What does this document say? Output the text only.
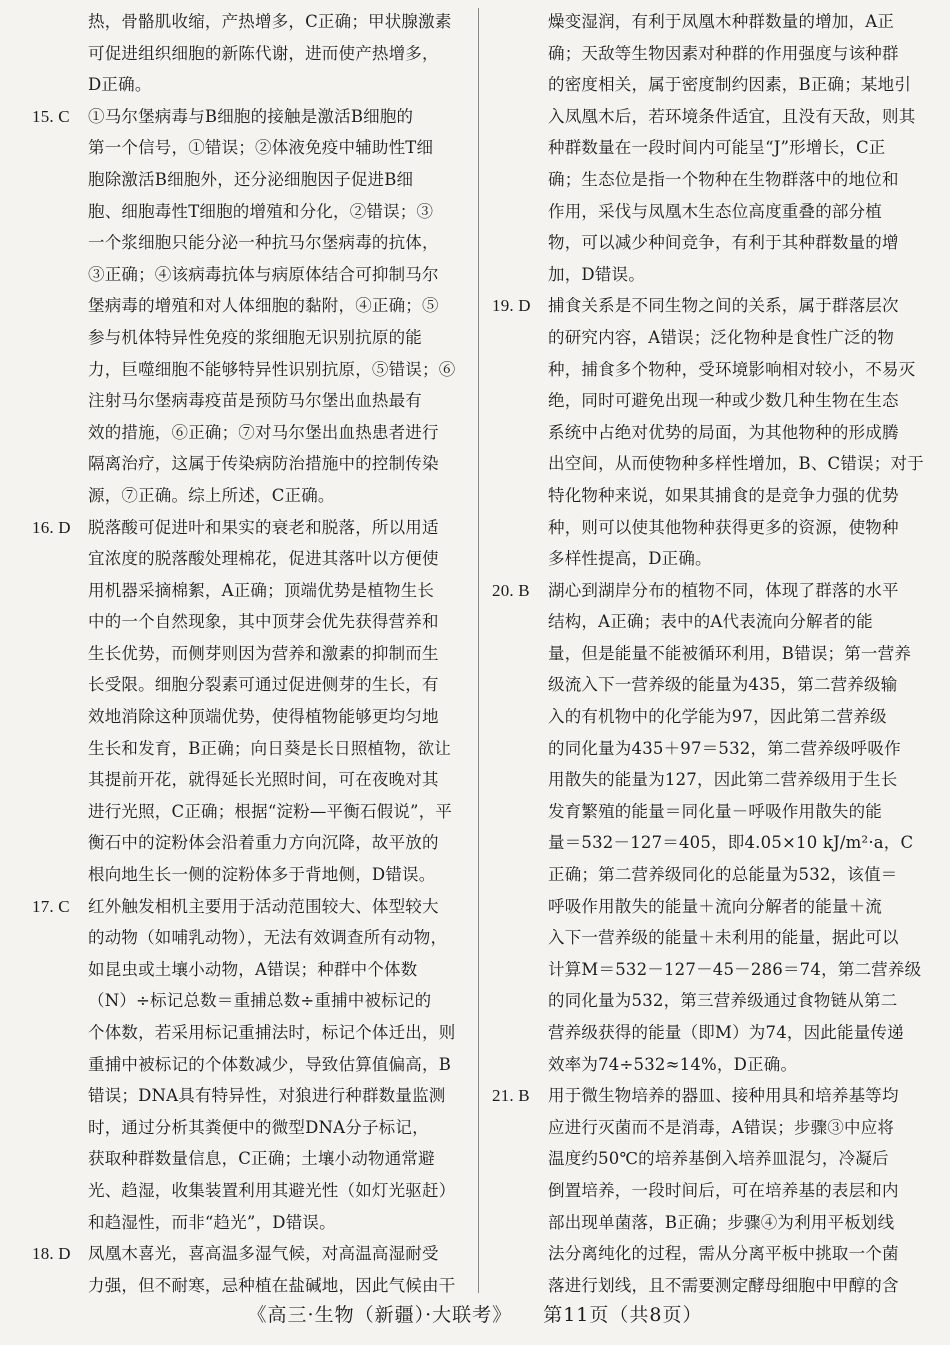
热，骨骼肌收缩，产热增多，C正确；甲状腺激素
可促进组织细胞的新陈代谢，进而使产热增多，
D正确。
15. C	①马尔堡病毒与B细胞的接触是激活B细胞的
第一个信号，①错误；②体液免疫中辅助性T细
胞除激活B细胞外，还分泌细胞因子促进B细
胞、细胞毒性T细胞的增殖和分化，②错误；③
一个浆细胞只能分泌一种抗马尔堡病毒的抗体，
③正确；④该病毒抗体与病原体结合可抑制马尔
堡病毒的增殖和对人体细胞的黏附，④正确；⑤
参与机体特异性免疫的浆细胞无识别抗原的能
力，巨噬细胞不能够特异性识别抗原，⑤错误；⑥
注射马尔堡病毒疫苗是预防马尔堡出血热最有
效的措施，⑥正确；⑦对马尔堡出血热患者进行
隔离治疗，这属于传染病防治措施中的控制传染
源，⑦正确。综上所述，C正确。
16. D	脱落酸可促进叶和果实的衰老和脱落，所以用适
宜浓度的脱落酸处理棉花，促进其落叶以方便使
用机器采摘棉絮，A正确；顶端优势是植物生长
中的一个自然现象，其中顶芽会优先获得营养和
生长优势，而侧芽则因为营养和激素的抑制而生
长受限。细胞分裂素可通过促进侧芽的生长，有
效地消除这种顶端优势，使得植物能够更均匀地
生长和发育，B正确；向日葵是长日照植物，欲让
其提前开花，就得延长光照时间，可在夜晚对其
进行光照，C正确；根据“淀粉—平衡石假说”，平
衡石中的淀粉体会沿着重力方向沉降，故平放的
根向地生长一侧的淀粉体多于背地侧，D错误。
17. C	红外触发相机主要用于活动范围较大、体型较大
的动物（如哺乳动物），无法有效调查所有动物，
如昆虫或土壤小动物，A错误；种群中个体数
（N）÷标记总数＝重捕总数÷重捕中被标记的
个体数，若采用标记重捕法时，标记个体迁出，则
重捕中被标记的个体数减少，导致估算值偏高，B
错误；DNA具有特异性，对狼进行种群数量监测
时，通过分析其粪便中的微型DNA分子标记，
获取种群数量信息，C正确；土壤小动物通常避
光、趋湿，收集装置利用其避光性（如灯光驱赶）
和趋湿性，而非“趋光”，D错误。
18. D	凤凰木喜光，喜高温多湿气候，对高温高湿耐受
力强，但不耐寒，忌种植在盐碱地，因此气候由干
燥变湿润，有利于凤凰木种群数量的增加，A正
确；天敌等生物因素对种群的作用强度与该种群
的密度相关，属于密度制约因素，B正确；某地引
入凤凰木后，若环境条件适宜，且没有天敌，则其
种群数量在一段时间内可能呈“J”形增长，C正
确；生态位是指一个物种在生物群落中的地位和
作用，采伐与凤凰木生态位高度重叠的部分植
物，可以减少种间竞争，有利于其种群数量的增
加，D错误。
19. D	捕食关系是不同生物之间的关系，属于群落层次
的研究内容，A错误；泛化物种是食性广泛的物
种，捕食多个物种，受环境影响相对较小，不易灭
绝，同时可避免出现一种或少数几种生物在生态
系统中占绝对优势的局面，为其他物种的形成腾
出空间，从而使物种多样性增加，B、C错误；对于
特化物种来说，如果其捕食的是竞争力强的优势
种，则可以使其他物种获得更多的资源，使物种
多样性提高，D正确。
20. B	湖心到湖岸分布的植物不同，体现了群落的水平
结构，A正确；表中的A代表流向分解者的能
量，但是能量不能被循环利用，B错误；第一营养
级流入下一营养级的能量为435，第二营养级输
入的有机物中的化学能为97，因此第二营养级
的同化量为435＋97＝532，第二营养级呼吸作
用散失的能量为127，因此第二营养级用于生长
发育繁殖的能量＝同化量－呼吸作用散失的能
量＝532－127＝405，即4.05×10 kJ/m²·a，C
正确；第二营养级同化的总能量为532，该值＝
呼吸作用散失的能量＋流向分解者的能量＋流
入下一营养级的能量＋未利用的能量，据此可以
计算M＝532－127－45－286＝74，第二营养级
的同化量为532，第三营养级通过食物链从第二
营养级获得的能量（即M）为74，因此能量传递
效率为74÷532≈14%，D正确。
21. B	用于微生物培养的器皿、接种用具和培养基等均
应进行灭菌而不是消毒，A错误；步骤③中应将
温度约50℃的培养基倒入培养皿混匀，冷凝后
倒置培养，一段时间后，可在培养基的表层和内
部出现单菌落，B正确；步骤④为利用平板划线
法分离纯化的过程，需从分离平板中挑取一个菌
落进行划线，且不需要测定酵母细胞中甲醇的含
《高三·生物（新疆）·大联考》 第11页（共8页）
